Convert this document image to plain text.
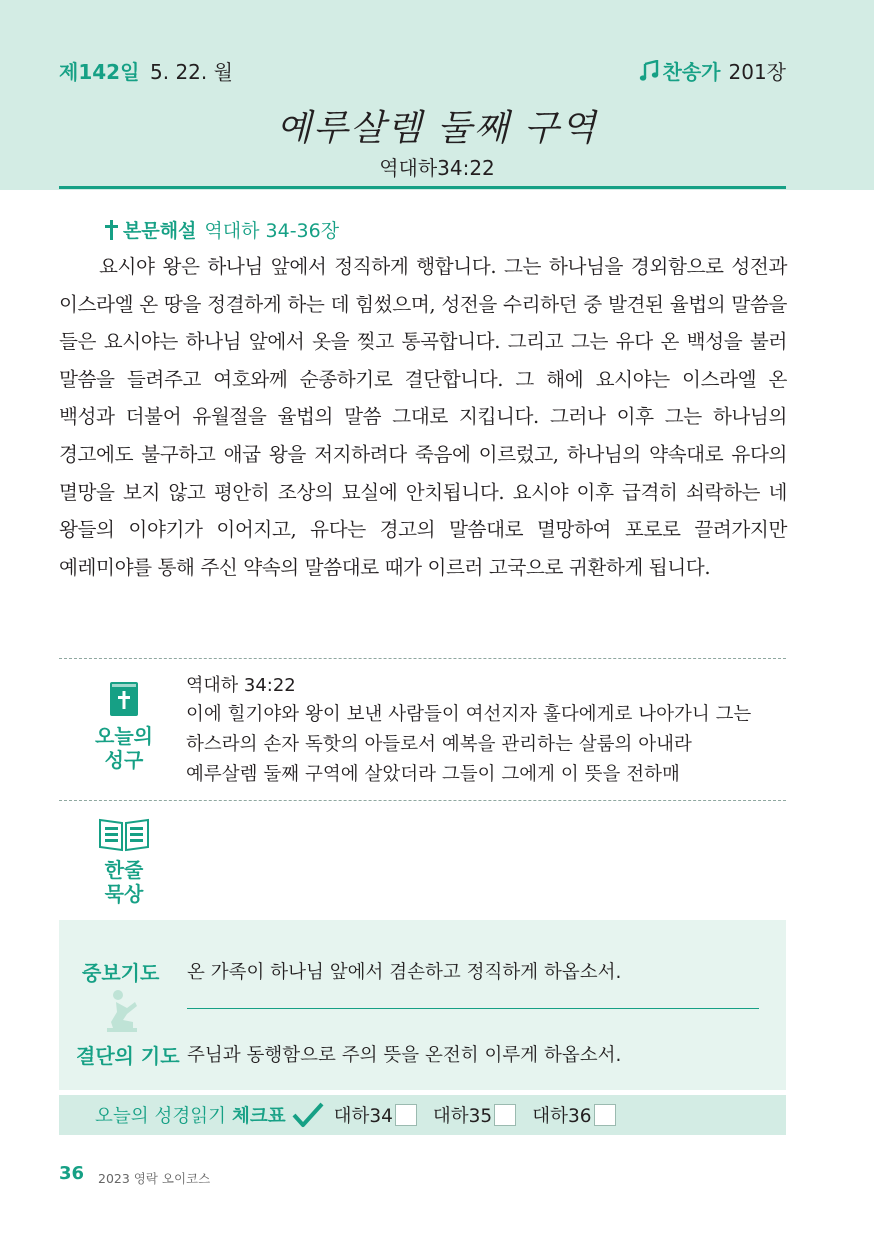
제142일 5. 22. 월	찬송가 201장
예루살렘 둘째 구역
역대하34:22
본문해설 역대하 34-36장
요시야 왕은 하나님 앞에서 정직하게 행합니다. 그는 하나님을 경외함으로 성전과 이스라엘 온 땅을 정결하게 하는 데 힘썼으며, 성전을 수리하던 중 발견된 율법의 말씀을 들은 요시야는 하나님 앞에서 옷을 찢고 통곡합니다. 그리고 그는 유다 온 백성을 불러 말씀을 들려주고 여호와께 순종하기로 결단합니다. 그 해에 요시야는 이스라엘 온 백성과 더불어 유월절을 율법의 말씀 그대로 지킵니다. 그러나 이후 그는 하나님의 경고에도 불구하고 애굽 왕을 저지하려다 죽음에 이르렀고, 하나님의 약속대로 유다의 멸망을 보지 않고 평안히 조상의 묘실에 안치됩니다. 요시야 이후 급격히 쇠락하는 네 왕들의 이야기가 이어지고, 유다는 경고의 말씀대로 멸망하여 포로로 끌려가지만 예레미야를 통해 주신 약속의 말씀대로 때가 이르러 고국으로 귀환하게 됩니다.
오늘의
성구
역대하 34:22
이에 힐기야와 왕이 보낸 사람들이 여선지자 훌다에게로 나아가니 그는 하스라의 손자 독핫의 아들로서 예복을 관리하는 살룸의 아내라 예루살렘 둘째 구역에 살았더라 그들이 그에게 이 뜻을 전하매
한줄
묵상
중보기도 온 가족이 하나님 앞에서 겸손하고 정직하게 하옵소서.
결단의 기도 주님과 동행함으로 주의 뜻을 온전히 이루게 하옵소서.
오늘의 성경읽기 체크표	대하34 대하35 대하36
36 2023 영락 오이코스
